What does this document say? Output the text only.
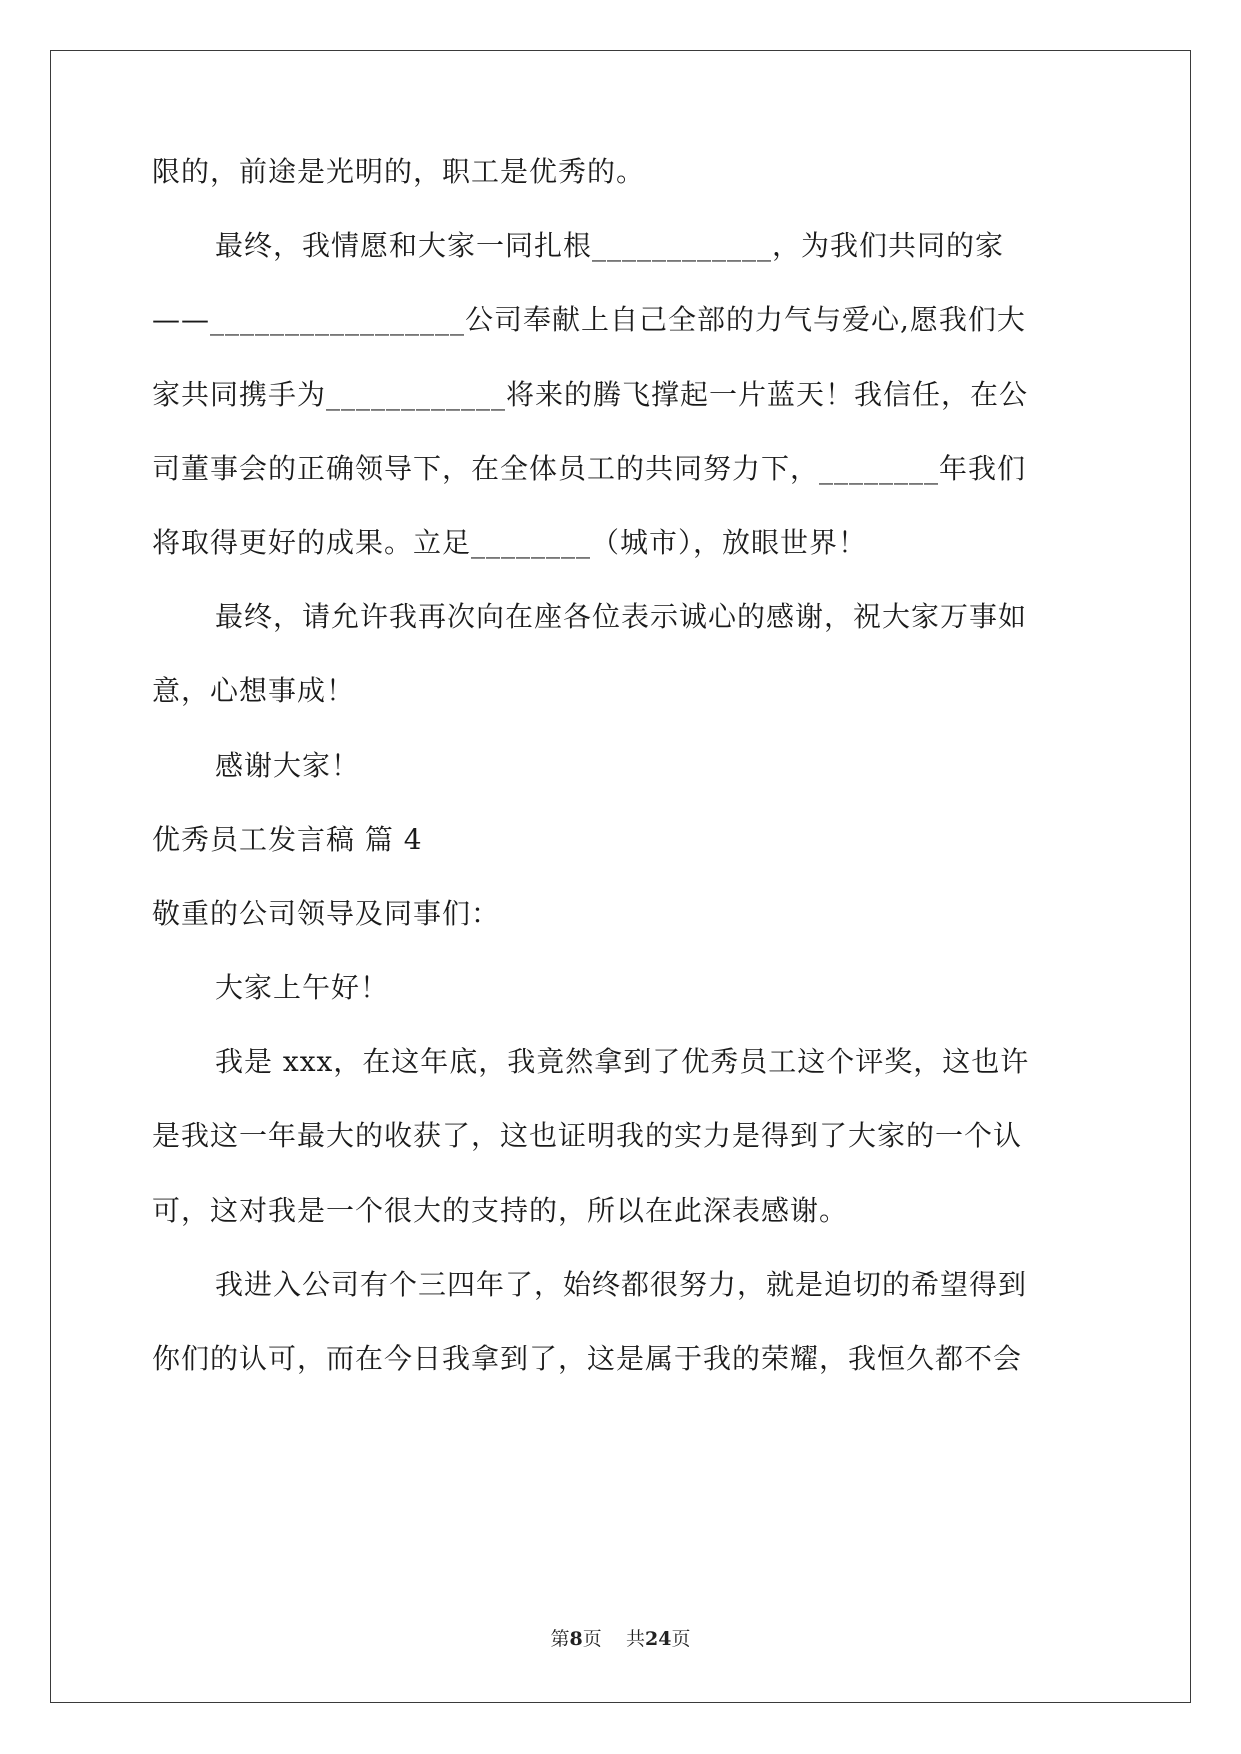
限的，前途是光明的，职工是优秀的。
最终，我情愿和大家一同扎根____________，为我们共同的家
——_________________公司奉献上自己全部的力气与爱心,愿我们大
家共同携手为____________将来的腾飞撑起一片蓝天！我信任，在公
司董事会的正确领导下，在全体员工的共同努力下，________年我们
将取得更好的成果。立足________（城市），放眼世界！
最终，请允许我再次向在座各位表示诚心的感谢，祝大家万事如
意，心想事成！
感谢大家！
优秀员工发言稿 篇 4
敬重的公司领导及同事们：
大家上午好！
我是 xxx，在这年底，我竟然拿到了优秀员工这个评奖，这也许
是我这一年最大的收获了，这也证明我的实力是得到了大家的一个认
可，这对我是一个很大的支持的，所以在此深表感谢。
我进入公司有个三四年了，始终都很努力，就是迫切的希望得到
你们的认可，而在今日我拿到了，这是属于我的荣耀，我恒久都不会
第8页 共24页
